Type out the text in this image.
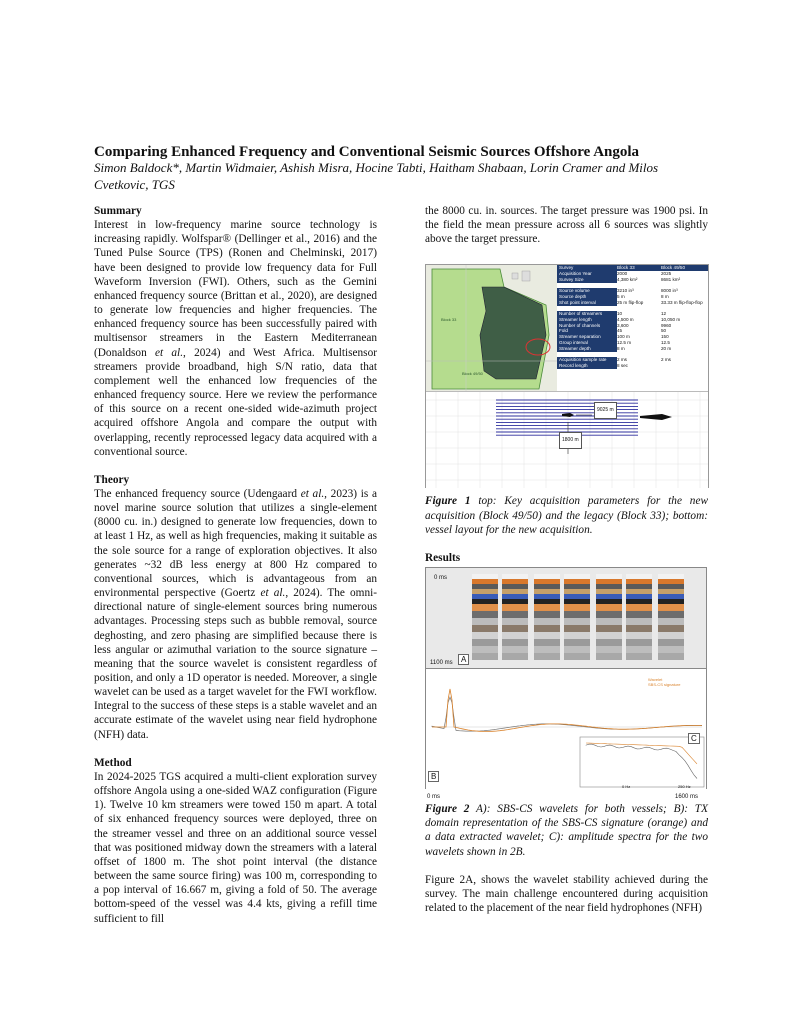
Comparing Enhanced Frequency and Conventional Seismic Sources Offshore Angola
Simon Baldock*, Martin Widmaier, Ashish Misra, Hocine Tabti, Haitham Shabaan, Lorin Cramer and Milos Cvetkovic, TGS

Summary

Interest in low-frequency marine source technology is increasing rapidly. Wolfspar® (Dellinger et al., 2016) and the Tuned Pulse Source (TPS) (Ronen and Chelminski, 2017) have been designed to provide low frequency data for Full Waveform Inversion (FWI). Others, such as the Gemini enhanced frequency source (Brittan et al., 2020), are designed to generate low frequencies and higher frequencies. The enhanced frequency source has been successfully paired with multisensor streamers in the Eastern Mediterranean (Donaldson et al., 2024) and West Africa. Multisensor streamers provide broadband, high S/N ratio, data that complement well the enhanced low frequencies of the enhanced frequency source. Here we review the performance of this source on a recent one-sided wide-azimuth project acquired offshore Angola and compare the output with overlapping, recently reprocessed legacy data acquired with a conventional source.

Theory

The enhanced frequency source (Udengaard et al., 2023) is a novel marine source solution that utilizes a single-element (8000 cu. in.) designed to generate low frequencies, down to at least 1 Hz, as well as high frequencies, making it suitable as the sole source for a range of exploration objectives. It also generates ~32 dB less energy at 800 Hz compared to conventional sources, which is advantageous from an environmental perspective (Goertz et al., 2024). The omni-directional nature of single-element sources bring numerous advantages. Processing steps such as bubble removal, source deghosting, and zero phasing are simplified because there is less angular or azimuthal variation to the source signature – meaning that the source wavelet is consistent regardless of position, and only a 1D operator is needed. Moreover, a single wavelet can be used as a target wavelet for the FWI workflow. Integral to the success of these steps is a stable wavelet and an accurate estimate of the wavelet using near field hydrophone (NFH) data.

Method

In 2024-2025 TGS acquired a multi-client exploration survey offshore Angola using a one-sided WAZ configuration (Figure 1). Twelve 10 km streamers were towed 150 m apart. A total of six enhanced frequency sources were deployed, three on the streamer vessel and three on an additional source vessel that was positioned midway down the streamers with a lateral offset of 1800 m. The shot point interval (the distance between the same source firing) was 100 m, corresponding to a pop interval of 16.667 m, giving a fold of 50. The average bottom-speed of the vessel was 4.4 kts, giving a refill time sufficient to fill

the 8000 cu. in. sources. The target pressure was 1900 psi. In the field the mean pressure across all 6 sources was slightly above the target pressure.

Block 33
Block 49/50
Survey	Block 33	Block 49/50
Acquisition Year	2000	2025
Survey Size	4,380 km²	8681 km²
Source volume	3210 in³	8000 in³
Source depth	5 m	8 m
Shot point interval	25 m flip-flop	33.33 m flip-flop-flop
Number of streamers	10	12
Streamer length	4,500 m	10,050 m
Number of channels	3,600	9960
Fold	45	50
Streamer separation	100 m	150
Group interval	12.5 m	12.5
Streamer depth	8 m	20 m
Acquisition sample rate	2 ms	2 ms
Record length	8 sec
9025 m
1800 m

Figure 1 top: Key acquisition parameters for the new acquisition (Block 49/50) and the legacy (Block 33); bottom: vessel layout for the new acquisition.

Results

0 ms
1100 ms	A
Wavelet
SBS-CS signature
C
0 Hz	250 Hz
B
0 ms	1600 ms

Figure 2 A): SBS-CS wavelets for both vessels; B): TX domain representation of the SBS-CS signature (orange) and a data extracted wavelet; C): amplitude spectra for the two wavelets shown in 2B.

Figure 2A, shows the wavelet stability achieved during the survey. The main challenge encountered during acquisition related to the placement of the near field hydrophones (NFH)
